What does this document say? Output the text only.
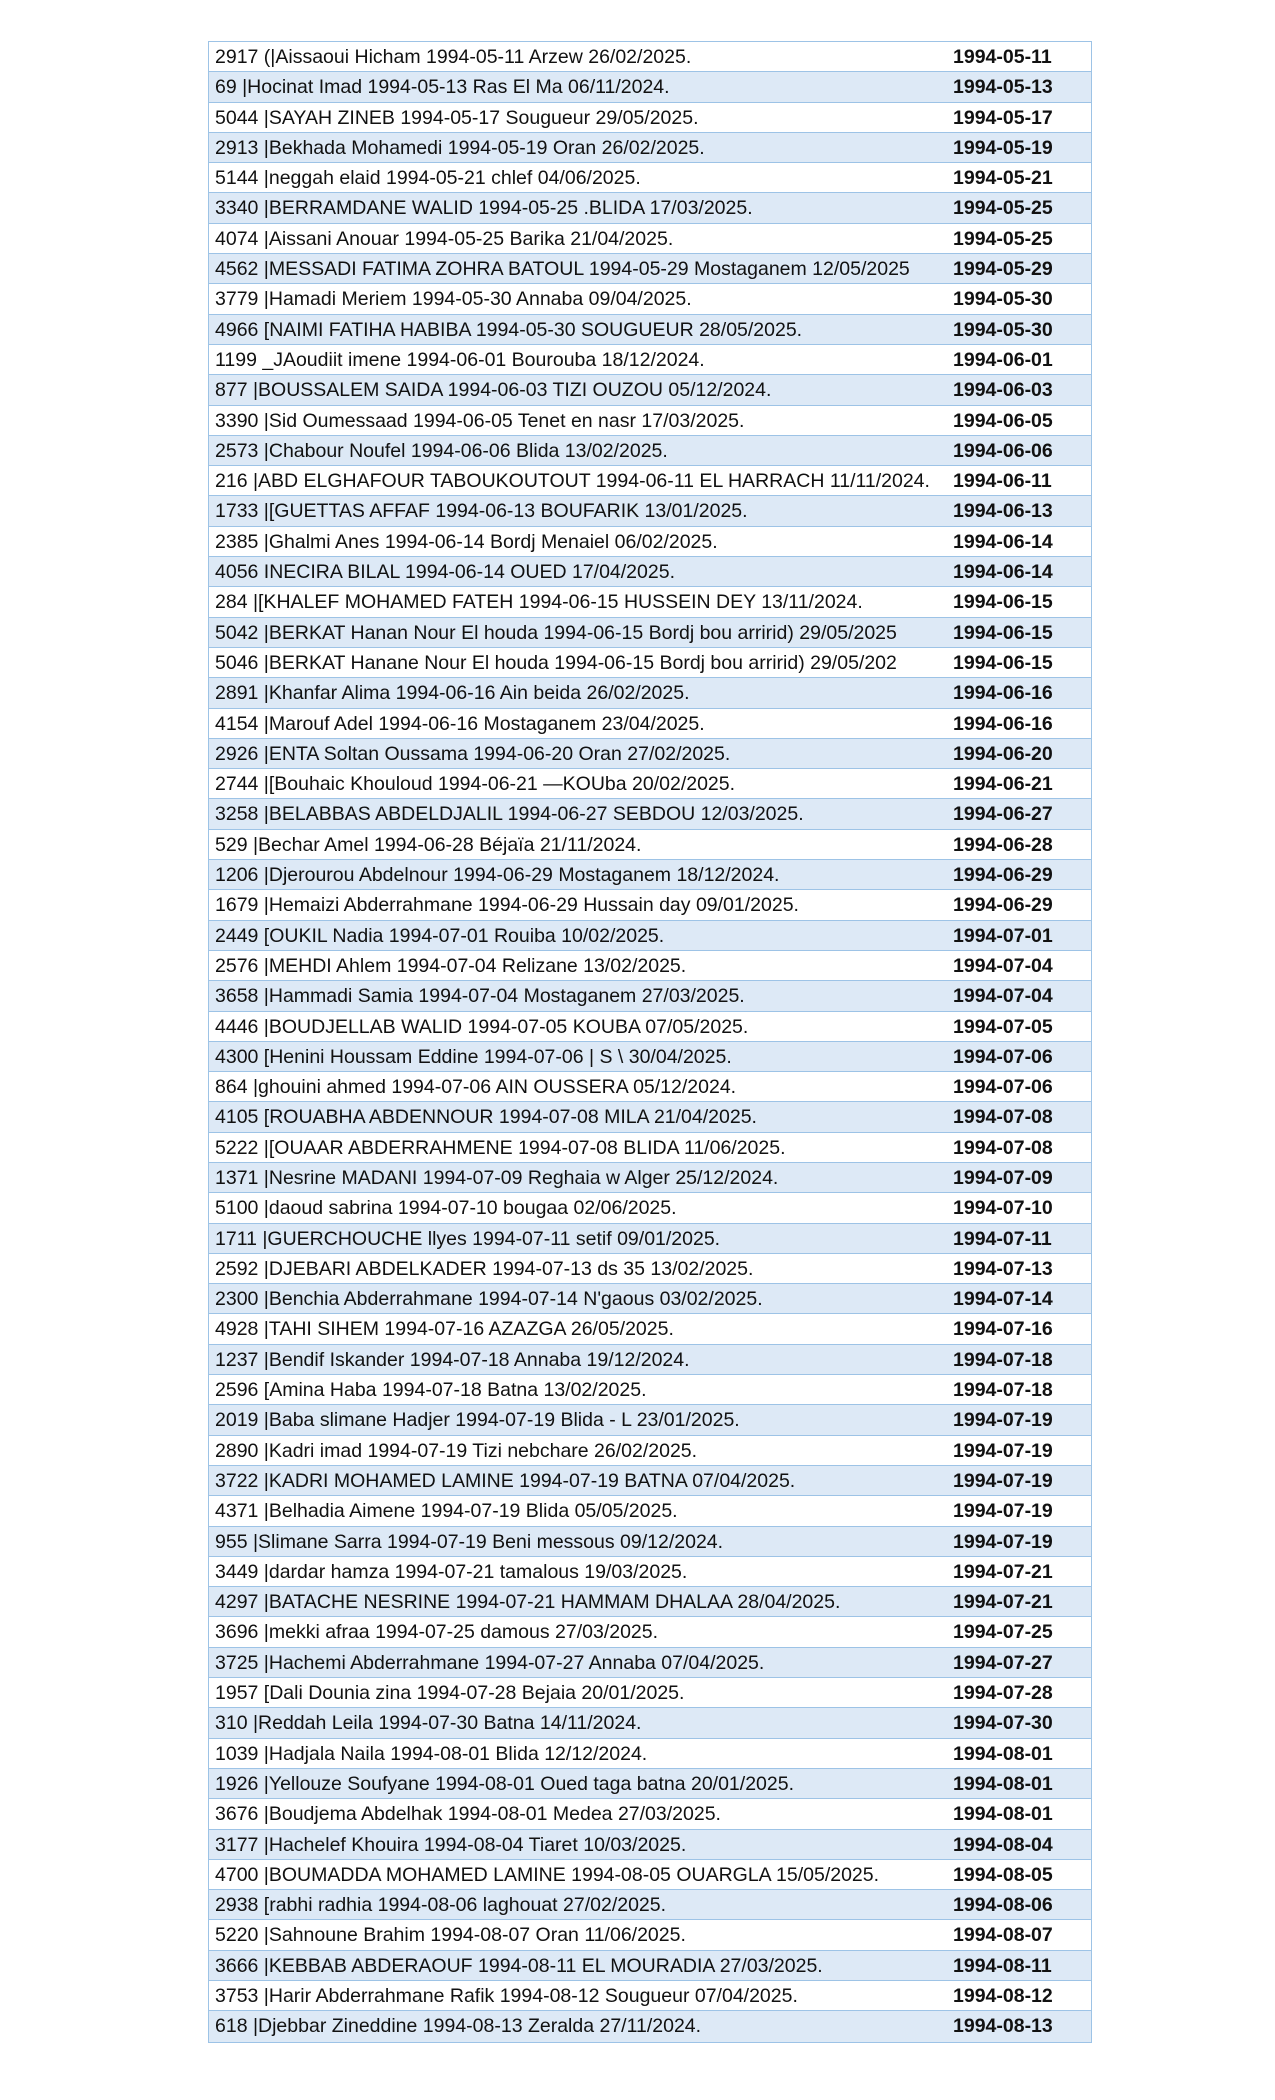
2917 (|Aissaoui Hicham 1994-05-11 Arzew 26/02/2025.	1994-05-11
69 |Hocinat Imad 1994-05-13 Ras El Ma 06/11/2024.	1994-05-13
5044 |SAYAH ZINEB 1994-05-17 Sougueur 29/05/2025.	1994-05-17
2913 |Bekhada Mohamedi 1994-05-19 Oran 26/02/2025.	1994-05-19
5144 |neggah elaid 1994-05-21 chlef 04/06/2025.	1994-05-21
3340 |BERRAMDANE WALID 1994-05-25 .BLIDA 17/03/2025.	1994-05-25
4074 |Aissani Anouar 1994-05-25 Barika 21/04/2025.	1994-05-25
4562 |MESSADI FATIMA ZOHRA BATOUL 1994-05-29 Mostaganem 12/05/2025	1994-05-29
3779 |Hamadi Meriem 1994-05-30 Annaba 09/04/2025.	1994-05-30
4966 [NAIMI FATIHA HABIBA 1994-05-30 SOUGUEUR 28/05/2025.	1994-05-30
1199 _JAoudiit imene 1994-06-01 Bourouba 18/12/2024.	1994-06-01
877 |BOUSSALEM SAIDA 1994-06-03 TIZI OUZOU 05/12/2024.	1994-06-03
3390 |Sid Oumessaad 1994-06-05 Tenet en nasr 17/03/2025.	1994-06-05
2573 |Chabour Noufel 1994-06-06 Blida 13/02/2025.	1994-06-06
216 |ABD ELGHAFOUR TABOUKOUTOUT 1994-06-11 EL HARRACH 11/11/2024.	1994-06-11
1733 |[GUETTAS AFFAF 1994-06-13 BOUFARIK 13/01/2025.	1994-06-13
2385 |Ghalmi Anes 1994-06-14 Bordj Menaiel 06/02/2025.	1994-06-14
4056 INECIRA BILAL 1994-06-14 OUED 17/04/2025.	1994-06-14
284 |[KHALEF MOHAMED FATEH 1994-06-15 HUSSEIN DEY 13/11/2024.	1994-06-15
5042 |BERKAT Hanan Nour El houda 1994-06-15 Bordj bou arririd) 29/05/2025	1994-06-15
5046 |BERKAT Hanane Nour El houda 1994-06-15 Bordj bou arririd) 29/05/202	1994-06-15
2891 |Khanfar Alima 1994-06-16 Ain beida 26/02/2025.	1994-06-16
4154 |Marouf Adel 1994-06-16 Mostaganem 23/04/2025.	1994-06-16
2926 |ENTA Soltan Oussama 1994-06-20 Oran 27/02/2025.	1994-06-20
2744 |[Bouhaic Khouloud 1994-06-21 —KOUba 20/02/2025.	1994-06-21
3258 |BELABBAS ABDELDJALIL 1994-06-27 SEBDOU 12/03/2025.	1994-06-27
529 |Bechar Amel 1994-06-28 Béjaïa 21/11/2024.	1994-06-28
1206 |Djerourou Abdelnour 1994-06-29 Mostaganem 18/12/2024.	1994-06-29
1679 |Hemaizi Abderrahmane 1994-06-29 Hussain day 09/01/2025.	1994-06-29
2449 [OUKIL Nadia 1994-07-01 Rouiba 10/02/2025.	1994-07-01
2576 |MEHDI Ahlem 1994-07-04 Relizane 13/02/2025.	1994-07-04
3658 |Hammadi Samia 1994-07-04 Mostaganem 27/03/2025.	1994-07-04
4446 |BOUDJELLAB WALID 1994-07-05 KOUBA 07/05/2025.	1994-07-05
4300 [Henini Houssam Eddine 1994-07-06 | S \ 30/04/2025.	1994-07-06
864 |ghouini ahmed 1994-07-06 AIN OUSSERA 05/12/2024.	1994-07-06
4105 [ROUABHA ABDENNOUR 1994-07-08 MILA 21/04/2025.	1994-07-08
5222 |[OUAAR ABDERRAHMENE 1994-07-08 BLIDA 11/06/2025.	1994-07-08
1371 |Nesrine MADANI 1994-07-09 Reghaia w Alger 25/12/2024.	1994-07-09
5100 |daoud sabrina 1994-07-10 bougaa 02/06/2025.	1994-07-10
1711 |GUERCHOUCHE llyes 1994-07-11 setif 09/01/2025.	1994-07-11
2592 |DJEBARI ABDELKADER 1994-07-13 ds 35 13/02/2025.	1994-07-13
2300 |Benchia Abderrahmane 1994-07-14 N'gaous 03/02/2025.	1994-07-14
4928 |TAHI SIHEM 1994-07-16 AZAZGA 26/05/2025.	1994-07-16
1237 |Bendif Iskander 1994-07-18 Annaba 19/12/2024.	1994-07-18
2596 [Amina Haba 1994-07-18 Batna 13/02/2025.	1994-07-18
2019 |Baba slimane Hadjer 1994-07-19 Blida - L 23/01/2025.	1994-07-19
2890 |Kadri imad 1994-07-19 Tizi nebchare 26/02/2025.	1994-07-19
3722 |KADRI MOHAMED LAMINE 1994-07-19 BATNA 07/04/2025.	1994-07-19
4371 |Belhadia Aimene 1994-07-19 Blida 05/05/2025.	1994-07-19
955 |Slimane Sarra 1994-07-19 Beni messous 09/12/2024.	1994-07-19
3449 |dardar hamza 1994-07-21 tamalous 19/03/2025.	1994-07-21
4297 |BATACHE NESRINE 1994-07-21 HAMMAM DHALAA 28/04/2025.	1994-07-21
3696 |mekki afraa 1994-07-25 damous 27/03/2025.	1994-07-25
3725 |Hachemi Abderrahmane 1994-07-27 Annaba 07/04/2025.	1994-07-27
1957 [Dali Dounia zina 1994-07-28 Bejaia 20/01/2025.	1994-07-28
310 |Reddah Leila 1994-07-30 Batna 14/11/2024.	1994-07-30
1039 |Hadjala Naila 1994-08-01 Blida 12/12/2024.	1994-08-01
1926 |Yellouze Soufyane 1994-08-01 Oued taga batna 20/01/2025.	1994-08-01
3676 |Boudjema Abdelhak 1994-08-01 Medea 27/03/2025.	1994-08-01
3177 |Hachelef Khouira 1994-08-04 Tiaret 10/03/2025.	1994-08-04
4700 |BOUMADDA MOHAMED LAMINE 1994-08-05 OUARGLA 15/05/2025.	1994-08-05
2938 [rabhi radhia 1994-08-06 laghouat 27/02/2025.	1994-08-06
5220 |Sahnoune Brahim 1994-08-07 Oran 11/06/2025.	1994-08-07
3666 |KEBBAB ABDERAOUF 1994-08-11 EL MOURADIA 27/03/2025.	1994-08-11
3753 |Harir Abderrahmane Rafik 1994-08-12 Sougueur 07/04/2025.	1994-08-12
618 |Djebbar Zineddine 1994-08-13 Zeralda 27/11/2024.	1994-08-13
